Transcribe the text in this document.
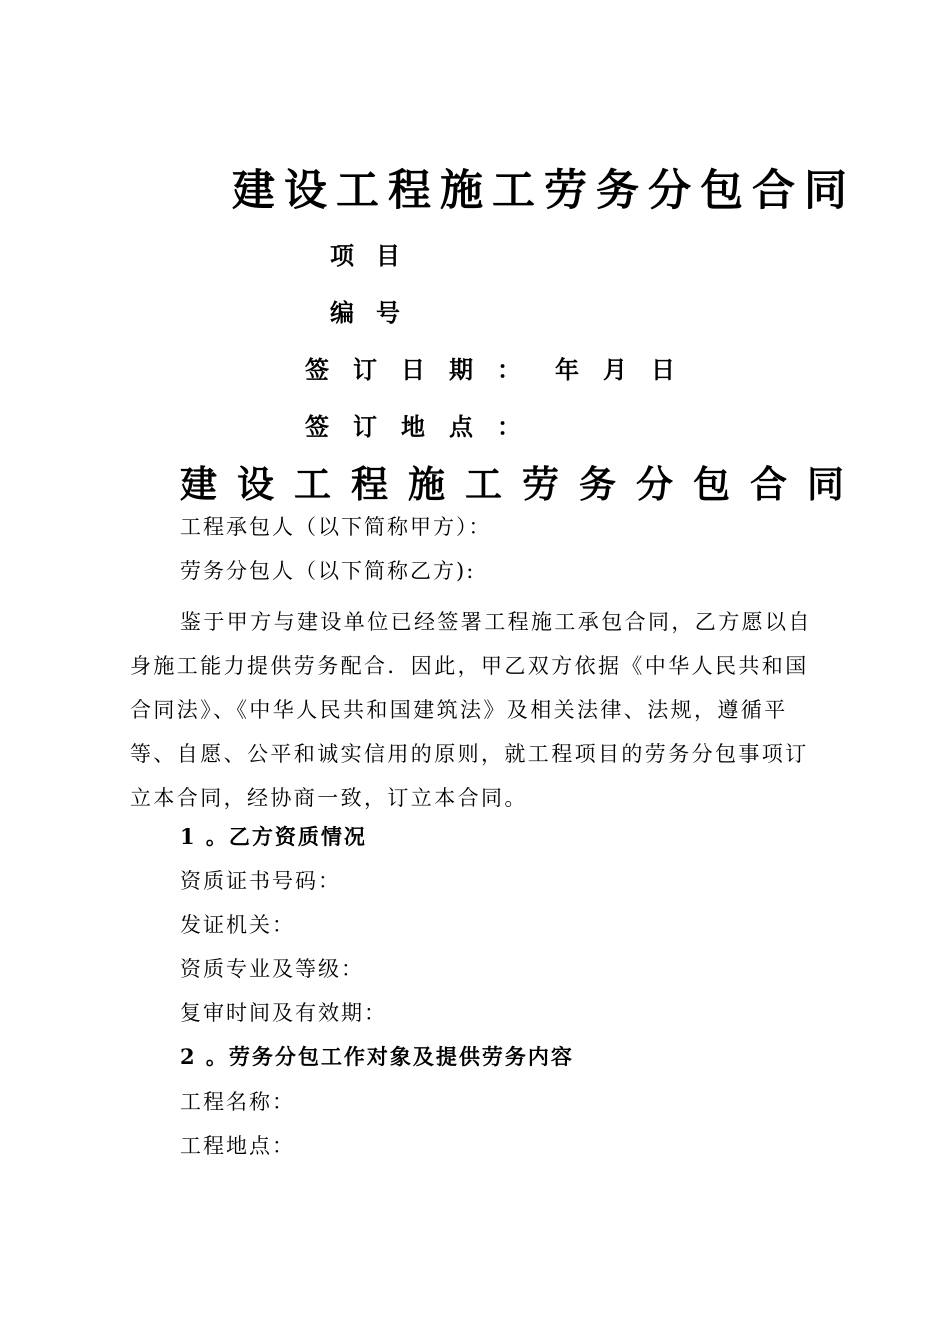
建设工程施工劳务分包合同
项目
编号
签订日期： 年月日
签订地点：
建设工程施工劳务分包合同
工程承包人（以下简称甲方）：
劳务分包人（以下简称乙方):
鉴于甲方与建设单位已经签署工程施工承包合同，乙方愿以自身施工能力提供劳务配合．因此，甲乙双方依据《中华人民共和国合同法》、《中华人民共和国建筑法》及相关法律、法规，遵循平等、自愿、公平和诚实信用的原则，就工程项目的劳务分包事项订立本合同，经协商一致，订立本合同。
1 。乙方资质情况
资质证书号码：
发证机关：
资质专业及等级：
复审时间及有效期：
2 。劳务分包工作对象及提供劳务内容
工程名称：
工程地点：
